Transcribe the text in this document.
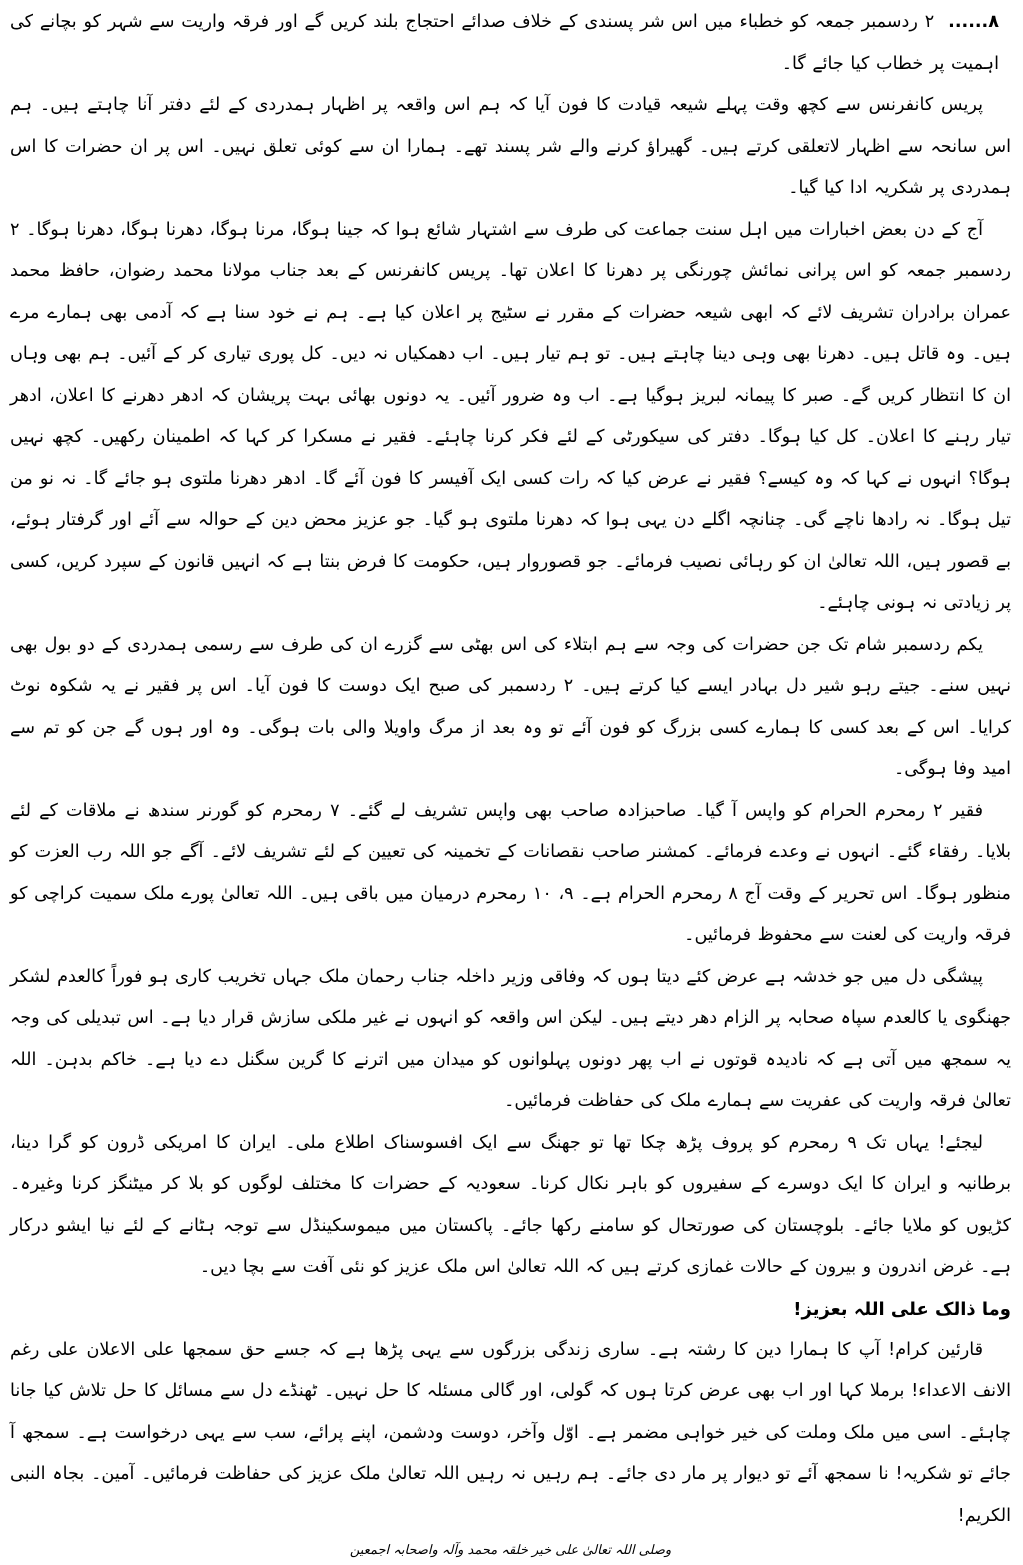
۸......۲ ردسمبر جمعہ کو خطباء میں اس شر پسندی کے خلاف صدائے احتجاج بلند کریں گے اور فرقہ واریت سے شہر کو بچانے کی اہمیت پر خطاب کیا جائے گا۔

پریس کانفرنس سے کچھ وقت پہلے شیعہ قیادت کا فون آیا کہ ہم اس واقعہ پر اظہار ہمدردی کے لئے دفتر آنا چاہتے ہیں۔ ہم اس سانحہ سے اظہار لاتعلقی کرتے ہیں۔ گھیراؤ کرنے والے شر پسند تھے۔ ہمارا ان سے کوئی تعلق نہیں۔ اس پر ان حضرات کا اس ہمدردی پر شکریہ ادا کیا گیا۔

آج کے دن بعض اخبارات میں اہل سنت جماعت کی طرف سے اشتہار شائع ہوا کہ جینا ہوگا، مرنا ہوگا، دھرنا ہوگا، دھرنا ہوگا۔ ۲ ردسمبر جمعہ کو اس پرانی نمائش چورنگی پر دھرنا کا اعلان تھا۔ پریس کانفرنس کے بعد جناب مولانا محمد رضوان، حافظ محمد عمران برادران تشریف لائے کہ ابھی شیعہ حضرات کے مقرر نے سٹیج پر اعلان کیا ہے۔ ہم نے خود سنا ہے کہ آدمی بھی ہمارے مرے ہیں۔ وہ قاتل ہیں۔ دھرنا بھی وہی دینا چاہتے ہیں۔ تو ہم تیار ہیں۔ اب دھمکیاں نہ دیں۔ کل پوری تیاری کر کے آئیں۔ ہم بھی وہاں ان کا انتظار کریں گے۔ صبر کا پیمانہ لبریز ہوگیا ہے۔ اب وہ ضرور آئیں۔ یہ دونوں بھائی بہت پریشان کہ ادھر دھرنے کا اعلان، ادھر تیار رہنے کا اعلان۔ کل کیا ہوگا۔ دفتر کی سیکورٹی کے لئے فکر کرنا چاہئے۔ فقیر نے مسکرا کر کہا کہ اطمینان رکھیں۔ کچھ نہیں ہوگا؟ انہوں نے کہا کہ وہ کیسے؟ فقیر نے عرض کیا کہ رات کسی ایک آفیسر کا فون آئے گا۔ ادھر دھرنا ملتوی ہو جائے گا۔ نہ نو من تیل ہوگا۔ نہ رادھا ناچے گی۔ چنانچہ اگلے دن یہی ہوا کہ دھرنا ملتوی ہو گیا۔ جو عزیز محض دین کے حوالہ سے آئے اور گرفتار ہوئے، بے قصور ہیں، اللہ تعالیٰ ان کو رہائی نصیب فرمائے۔ جو قصوروار ہیں، حکومت کا فرض بنتا ہے کہ انہیں قانون کے سپرد کریں، کسی پر زیادتی نہ ہونی چاہئے۔

یکم ردسمبر شام تک جن حضرات کی وجہ سے ہم ابتلاء کی اس بھٹی سے گزرے ان کی طرف سے رسمی ہمدردی کے دو بول بھی نہیں سنے۔ جیتے رہو شیر دل بہادر ایسے کیا کرتے ہیں۔ ۲ ردسمبر کی صبح ایک دوست کا فون آیا۔ اس پر فقیر نے یہ شکوہ نوٹ کرایا۔ اس کے بعد کسی کا ہمارے کسی بزرگ کو فون آئے تو وہ بعد از مرگ واویلا والی بات ہوگی۔ وہ اور ہوں گے جن کو تم سے امید وفا ہوگی۔

فقیر ۲ رمحرم الحرام کو واپس آ گیا۔ صاحبزادہ صاحب بھی واپس تشریف لے گئے۔ ۷ رمحرم کو گورنر سندھ نے ملاقات کے لئے بلایا۔ رفقاء گئے۔ انہوں نے وعدے فرمائے۔ کمشنر صاحب نقصانات کے تخمینہ کی تعیین کے لئے تشریف لائے۔ آگے جو اللہ رب العزت کو منظور ہوگا۔ اس تحریر کے وقت آج ۸ رمحرم الحرام ہے۔ ۹، ۱۰ رمحرم درمیان میں باقی ہیں۔ اللہ تعالیٰ پورے ملک سمیت کراچی کو فرقہ واریت کی لعنت سے محفوظ فرمائیں۔

پیشگی دل میں جو خدشہ ہے عرض کئے دیتا ہوں کہ وفاقی وزیر داخلہ جناب رحمان ملک جہاں تخریب کاری ہو فوراً کالعدم لشکر جھنگوی یا کالعدم سپاہ صحابہ پر الزام دھر دیتے ہیں۔ لیکن اس واقعہ کو انہوں نے غیر ملکی سازش قرار دیا ہے۔ اس تبدیلی کی وجہ یہ سمجھ میں آتی ہے کہ نادیدہ قوتوں نے اب پھر دونوں پہلوانوں کو میدان میں اترنے کا گرین سگنل دے دیا ہے۔ خاکم بدہن۔ اللہ تعالیٰ فرقہ واریت کی عفریت سے ہمارے ملک کی حفاظت فرمائیں۔

لیجئے! یہاں تک ۹ رمحرم کو پروف پڑھ چکا تھا تو جھنگ سے ایک افسوسناک اطلاع ملی۔ ایران کا امریکی ڈرون کو گرا دینا، برطانیہ و ایران کا ایک دوسرے کے سفیروں کو باہر نکال کرنا۔ سعودیہ کے حضرات کا مختلف لوگوں کو بلا کر میٹنگز کرنا وغیرہ۔ کڑیوں کو ملایا جائے۔ بلوچستان کی صورتحال کو سامنے رکھا جائے۔ پاکستان میں میموسکینڈل سے توجہ ہٹانے کے لئے نیا ایشو درکار ہے۔ غرض اندرون و بیرون کے حالات غمازی کرتے ہیں کہ اللہ تعالیٰ اس ملک عزیز کو نئی آفت سے بچا دیں۔

وما ذالک علی اللہ بعزیز!

قارئین کرام! آپ کا ہمارا دین کا رشتہ ہے۔ ساری زندگی بزرگوں سے یہی پڑھا ہے کہ جسے حق سمجھا علی الاعلان علی رغم الانف الاعداء! برملا کہا اور اب بھی عرض کرتا ہوں کہ گولی، اور گالی مسئلہ کا حل نہیں۔ ٹھنڈے دل سے مسائل کا حل تلاش کیا جانا چاہئے۔ اسی میں ملک وملت کی خیر خواہی مضمر ہے۔ اوّل وآخر، دوست ودشمن، اپنے پرائے، سب سے یہی درخواست ہے۔ سمجھ آ جائے تو شکریہ! نا سمجھ آئے تو دیوار پر مار دی جائے۔ ہم رہیں نہ رہیں اللہ تعالیٰ ملک عزیز کی حفاظت فرمائیں۔ آمین۔ بجاہ النبی الکریم!

وصلی اللہ تعالیٰ علی خیر خلقہ محمد وآلہ واصحابہ اجمعین
